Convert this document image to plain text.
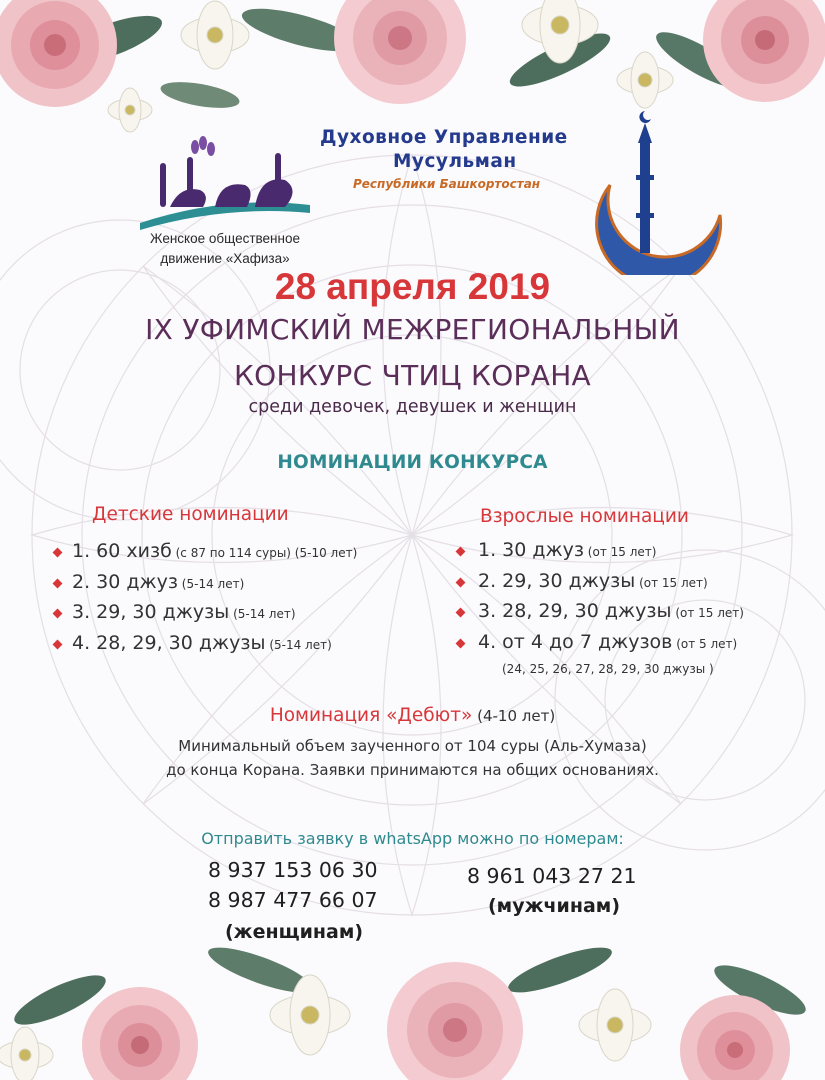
Женское общественное
движение «Хафиза»
Духовное Управление
Мусульман
Республики Башкортостан
28 апреля 2019
IX УФИМСКИЙ МЕЖРЕГИОНАЛЬНЫЙ
КОНКУРС ЧТИЦ КОРАНА
среди девочек, девушек и женщин
НОМИНАЦИИ КОНКУРСА
Детские номинации
1. 60 хизб (с 87 по 114 суры) (5-10 лет)
2. 30 джуз (5-14 лет)
3. 29, 30 джузы (5-14 лет)
4. 28, 29, 30 джузы (5-14 лет)
Взрослые номинации
1. 30 джуз (от 15 лет)
2. 29, 30 джузы (от 15 лет)
3. 28, 29, 30 джузы (от 15 лет)
4. от 4 до 7 джузов (от 5 лет)
(24, 25, 26, 27, 28, 29, 30 джузы )
Номинация «Дебют» (4-10 лет)
Минимальный объем заученного от 104 суры (Аль-Хумаза)
до конца Корана. Заявки принимаются на общих основаниях.
Отправить заявку в whatsApp можно по номерам:
8 937 153 06 30
8 987 477 66 07
(женщинам)
8 961 043 27 21
(мужчинам)
